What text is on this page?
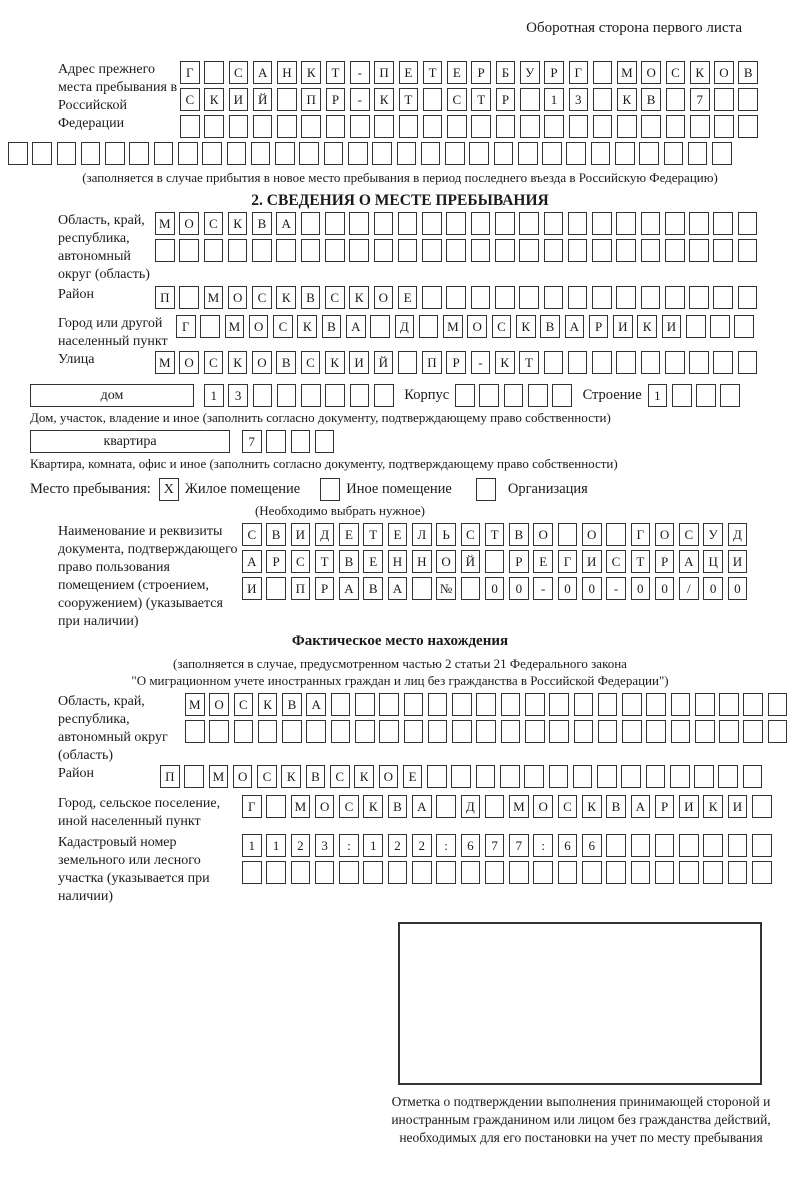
Оборотная сторона первого листа
Адрес прежнего места пребывания в Российской Федерации
Г	С	А	Н	К	Т	-	П	Е	Т	Е	Р	Б	У	Р	Г	М	О	С	К	О	В
С	К	И	Й	П	Р	-	К	Т	С	Т	Р	1	3	К	В	7
(заполняется в случае прибытия в новое место пребывания в период последнего въезда в Российскую Федерацию)
2. СВЕДЕНИЯ О МЕСТЕ ПРЕБЫВАНИЯ
Область, край, республика, автономный округ (область)
М	О	С	К	В	А
Район	П	М	О	С	К	В	С	К	О	Е
Город или другой населенный пункт
Г	М	О	С	К	В	А	Д	М	О	С	К	В	А	Р	И	К	И
Улица	М	О	С	К	О	В	С	К	И	Й	П	Р	-	К	Т
дом	1	3	Корпус	Строение 1
Дом, участок, владение и иное (заполнить согласно документу, подтверждающему право собственности)
квартира	7
Квартира, комната, офис и иное (заполнить согласно документу, подтверждающему право собственности)
Место пребывания: X Жилое помещение	Иное помещение	Организация
(Необходимо выбрать нужное)
Наименование и реквизиты документа, подтверждающего право пользования помещением (строением, сооружением) (указывается при наличии)
С	В	И	Д	Е	Т	Е	Л	Ь	С	Т	В	О	О	Г	О	С	У	Д
А	Р	С	Т	В	Е	Н	Н	О	Й	Р	Е	Г	И	С	Т	Р	А	Ц	И
И	П	Р	А	В	А	№	0	0	-	0	0	-	0	0	/	0	0
Фактическое место нахождения
(заполняется в случае, предусмотренном частью 2 статьи 21 Федерального закона
"О миграционном учете иностранных граждан и лиц без гражданства в Российской Федерации")
Область, край, республика, автономный округ (область)
М	О	С	К	В	А
Район	П	М	О	С	К	В	С	К	О	Е
Город, сельское поселение, иной населенный пункт
Г	М	О	С	К	В	А	Д	М	О	С	К	В	А	Р	И	К	И
Кадастровый номер земельного или лесного участка (указывается при наличии)
1	1	2	3	:	1	2	2	:	6	7	7	:	6	6
Отметка о подтверждении выполнения принимающей стороной и иностранным гражданином или лицом без гражданства действий, необходимых для его постановки на учет по месту пребывания
